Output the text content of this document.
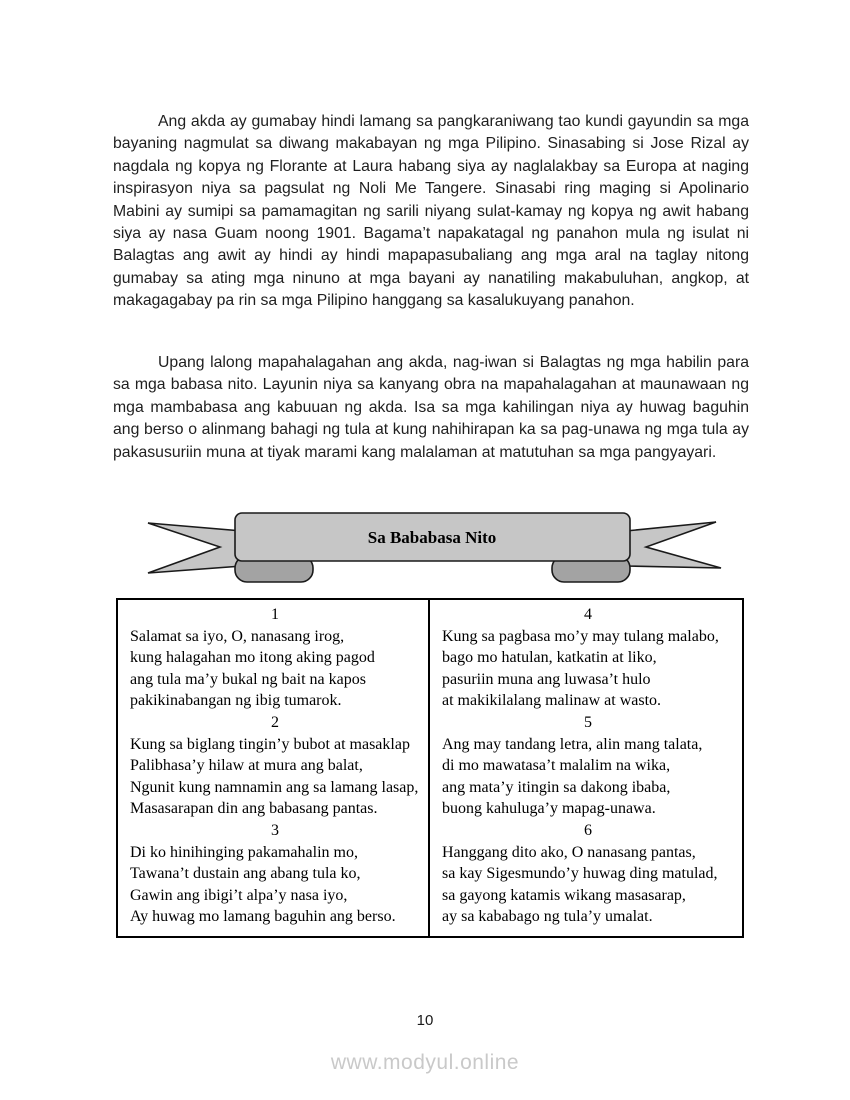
Ang akda ay gumabay hindi lamang sa pangkaraniwang tao kundi gayundin sa mga bayaning nagmulat sa diwang makabayan ng mga Pilipino. Sinasabing si Jose Rizal ay nagdala ng kopya ng Florante at Laura habang siya ay naglalakbay sa Europa at naging inspirasyon niya sa pagsulat ng Noli Me Tangere. Sinasabi ring maging si Apolinario Mabini ay sumipi sa pamamagitan ng sarili niyang sulat-kamay ng kopya ng awit habang siya ay nasa Guam noong 1901. Bagama’t napakatagal ng panahon mula ng isulat ni Balagtas ang awit ay hindi ay hindi mapapasubaliang ang mga aral na taglay nitong gumabay sa ating mga ninuno at mga bayani ay nanatiling makabuluhan, angkop, at makagagabay pa rin sa mga Pilipino hanggang sa kasalukuyang panahon.

Upang lalong mapahalagahan ang akda, nag-iwan si Balagtas ng mga habilin para sa mga babasa nito. Layunin niya sa kanyang obra na mapahalagahan at maunawaan ng mga mambabasa ang kabuuan ng akda. Isa sa mga kahilingan niya ay huwag baguhin ang berso o alinmang bahagi ng tula at kung nahihirapan ka sa pag-unawa ng mga tula ay pakasusuriin muna at tiyak marami kang malalaman at matutuhan sa mga pangyayari.

Sa Bababasa Nito
1
Salamat sa iyo, O, nanasang irog,
kung halagahan mo itong aking pagod
ang tula ma’y bukal ng bait na kapos
pakikinabangan ng ibig tumarok.
2
Kung sa biglang tingin’y bubot at masaklap
Palibhasa’y hilaw at mura ang balat,
Ngunit kung namnamin ang sa lamang lasap,
Masasarapan din ang babasang pantas.
3
Di ko hinihinging pakamahalin mo,
Tawana’t dustain ang abang tula ko,
Gawin ang ibigi’t alpa’y nasa iyo,
Ay huwag mo lamang baguhin ang berso.
4
Kung sa pagbasa mo’y may tulang malabo,
bago mo hatulan, katkatin at liko,
pasuriin muna ang luwasa’t hulo
at makikilalang malinaw at wasto.
5
Ang may tandang letra, alin mang talata,
di mo mawatasa’t malalim na wika,
ang mata’y itingin sa dakong ibaba,
buong kahuluga’y mapag-unawa.
6
Hanggang dito ako, O nanasang pantas,
sa kay Sigesmundo’y huwag ding matulad,
sa gayong katamis wikang masasarap,
ay sa kababago ng tula’y umalat.
10
www.modyul.online
